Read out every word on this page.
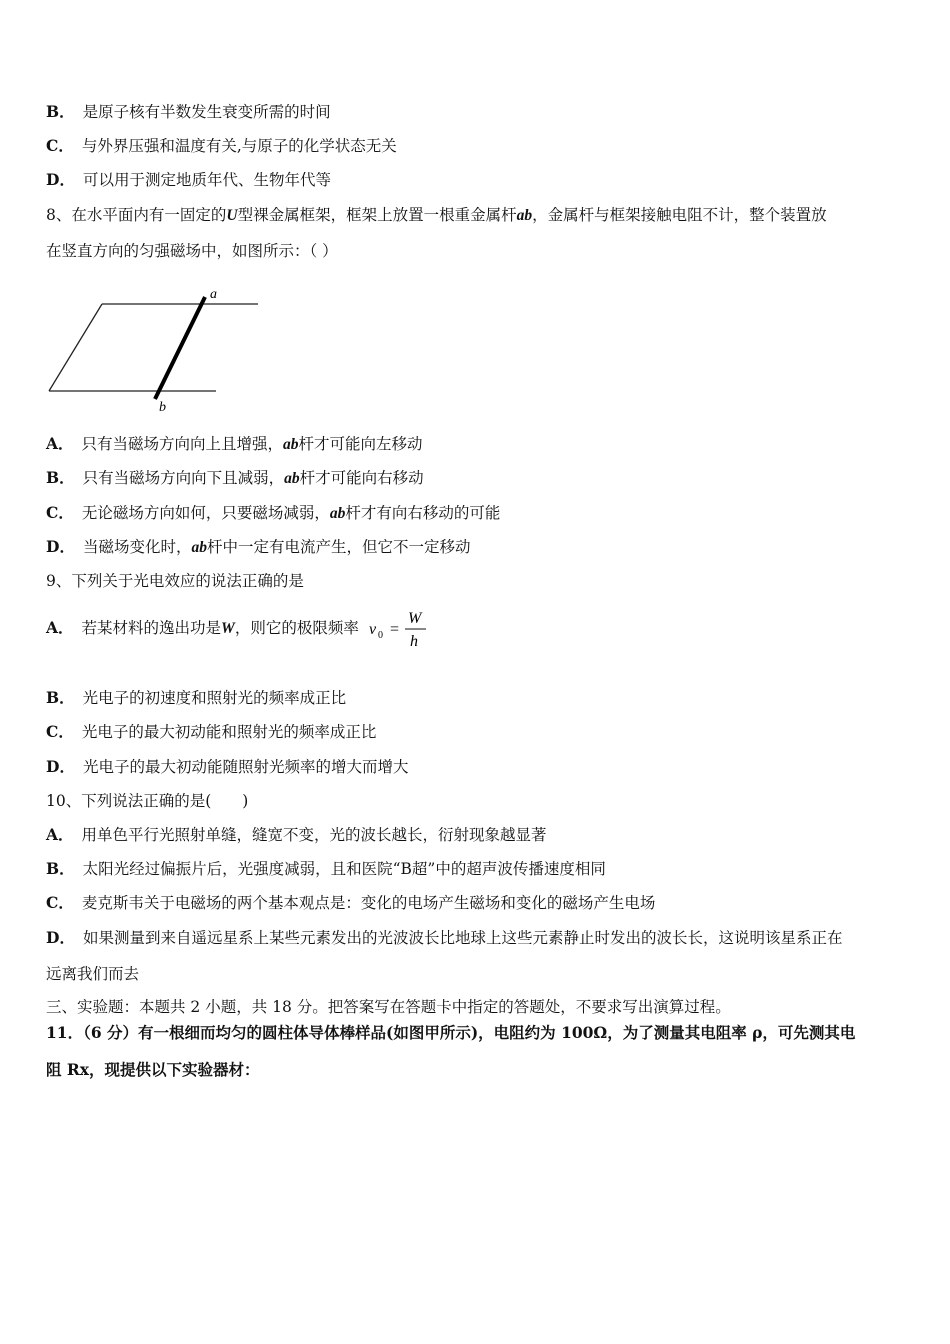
B． 是原子核有半数发生衰变所需的时间
C． 与外界压强和温度有关,与原子的化学状态无关
D． 可以用于测定地质年代、生物年代等
8、在水平面内有一固定的U型裸金属框架，框架上放置一根重金属杆ab，金属杆与框架接触电阻不计，整个装置放
在竖直方向的匀强磁场中，如图所示：（ ）
a
b
A． 只有当磁场方向向上且增强，ab杆才可能向左移动
B． 只有当磁场方向向下且减弱，ab杆才可能向右移动
C． 无论磁场方向如何，只要磁场减弱，ab杆才有向右移动的可能
D． 当磁场变化时，ab杆中一定有电流产生，但它不一定移动
9、下列关于光电效应的说法正确的是
A． 若某材料的逸出功是W，则它的极限频率 v 0 =
W
h
B． 光电子的初速度和照射光的频率成正比
C． 光电子的最大初动能和照射光的频率成正比
D． 光电子的最大初动能随照射光频率的增大而增大
10、下列说法正确的是(　　)
A． 用单色平行光照射单缝，缝宽不变，光的波长越长，衍射现象越显著
B． 太阳光经过偏振片后，光强度减弱，且和医院“B超”中的超声波传播速度相同
C． 麦克斯韦关于电磁场的两个基本观点是：变化的电场产生磁场和变化的磁场产生电场
D． 如果测量到来自遥远星系上某些元素发出的光波波长比地球上这些元素静止时发出的波长长，这说明该星系正在
远离我们而去
三、实验题：本题共 2 小题，共 18 分。把答案写在答题卡中指定的答题处，不要求写出演算过程。
11．（6 分）有一根细而均匀的圆柱体导体棒样品(如图甲所示)，电阻约为 100Ω，为了测量其电阻率 ρ，可先测其电
阻 Rx，现提供以下实验器材：
